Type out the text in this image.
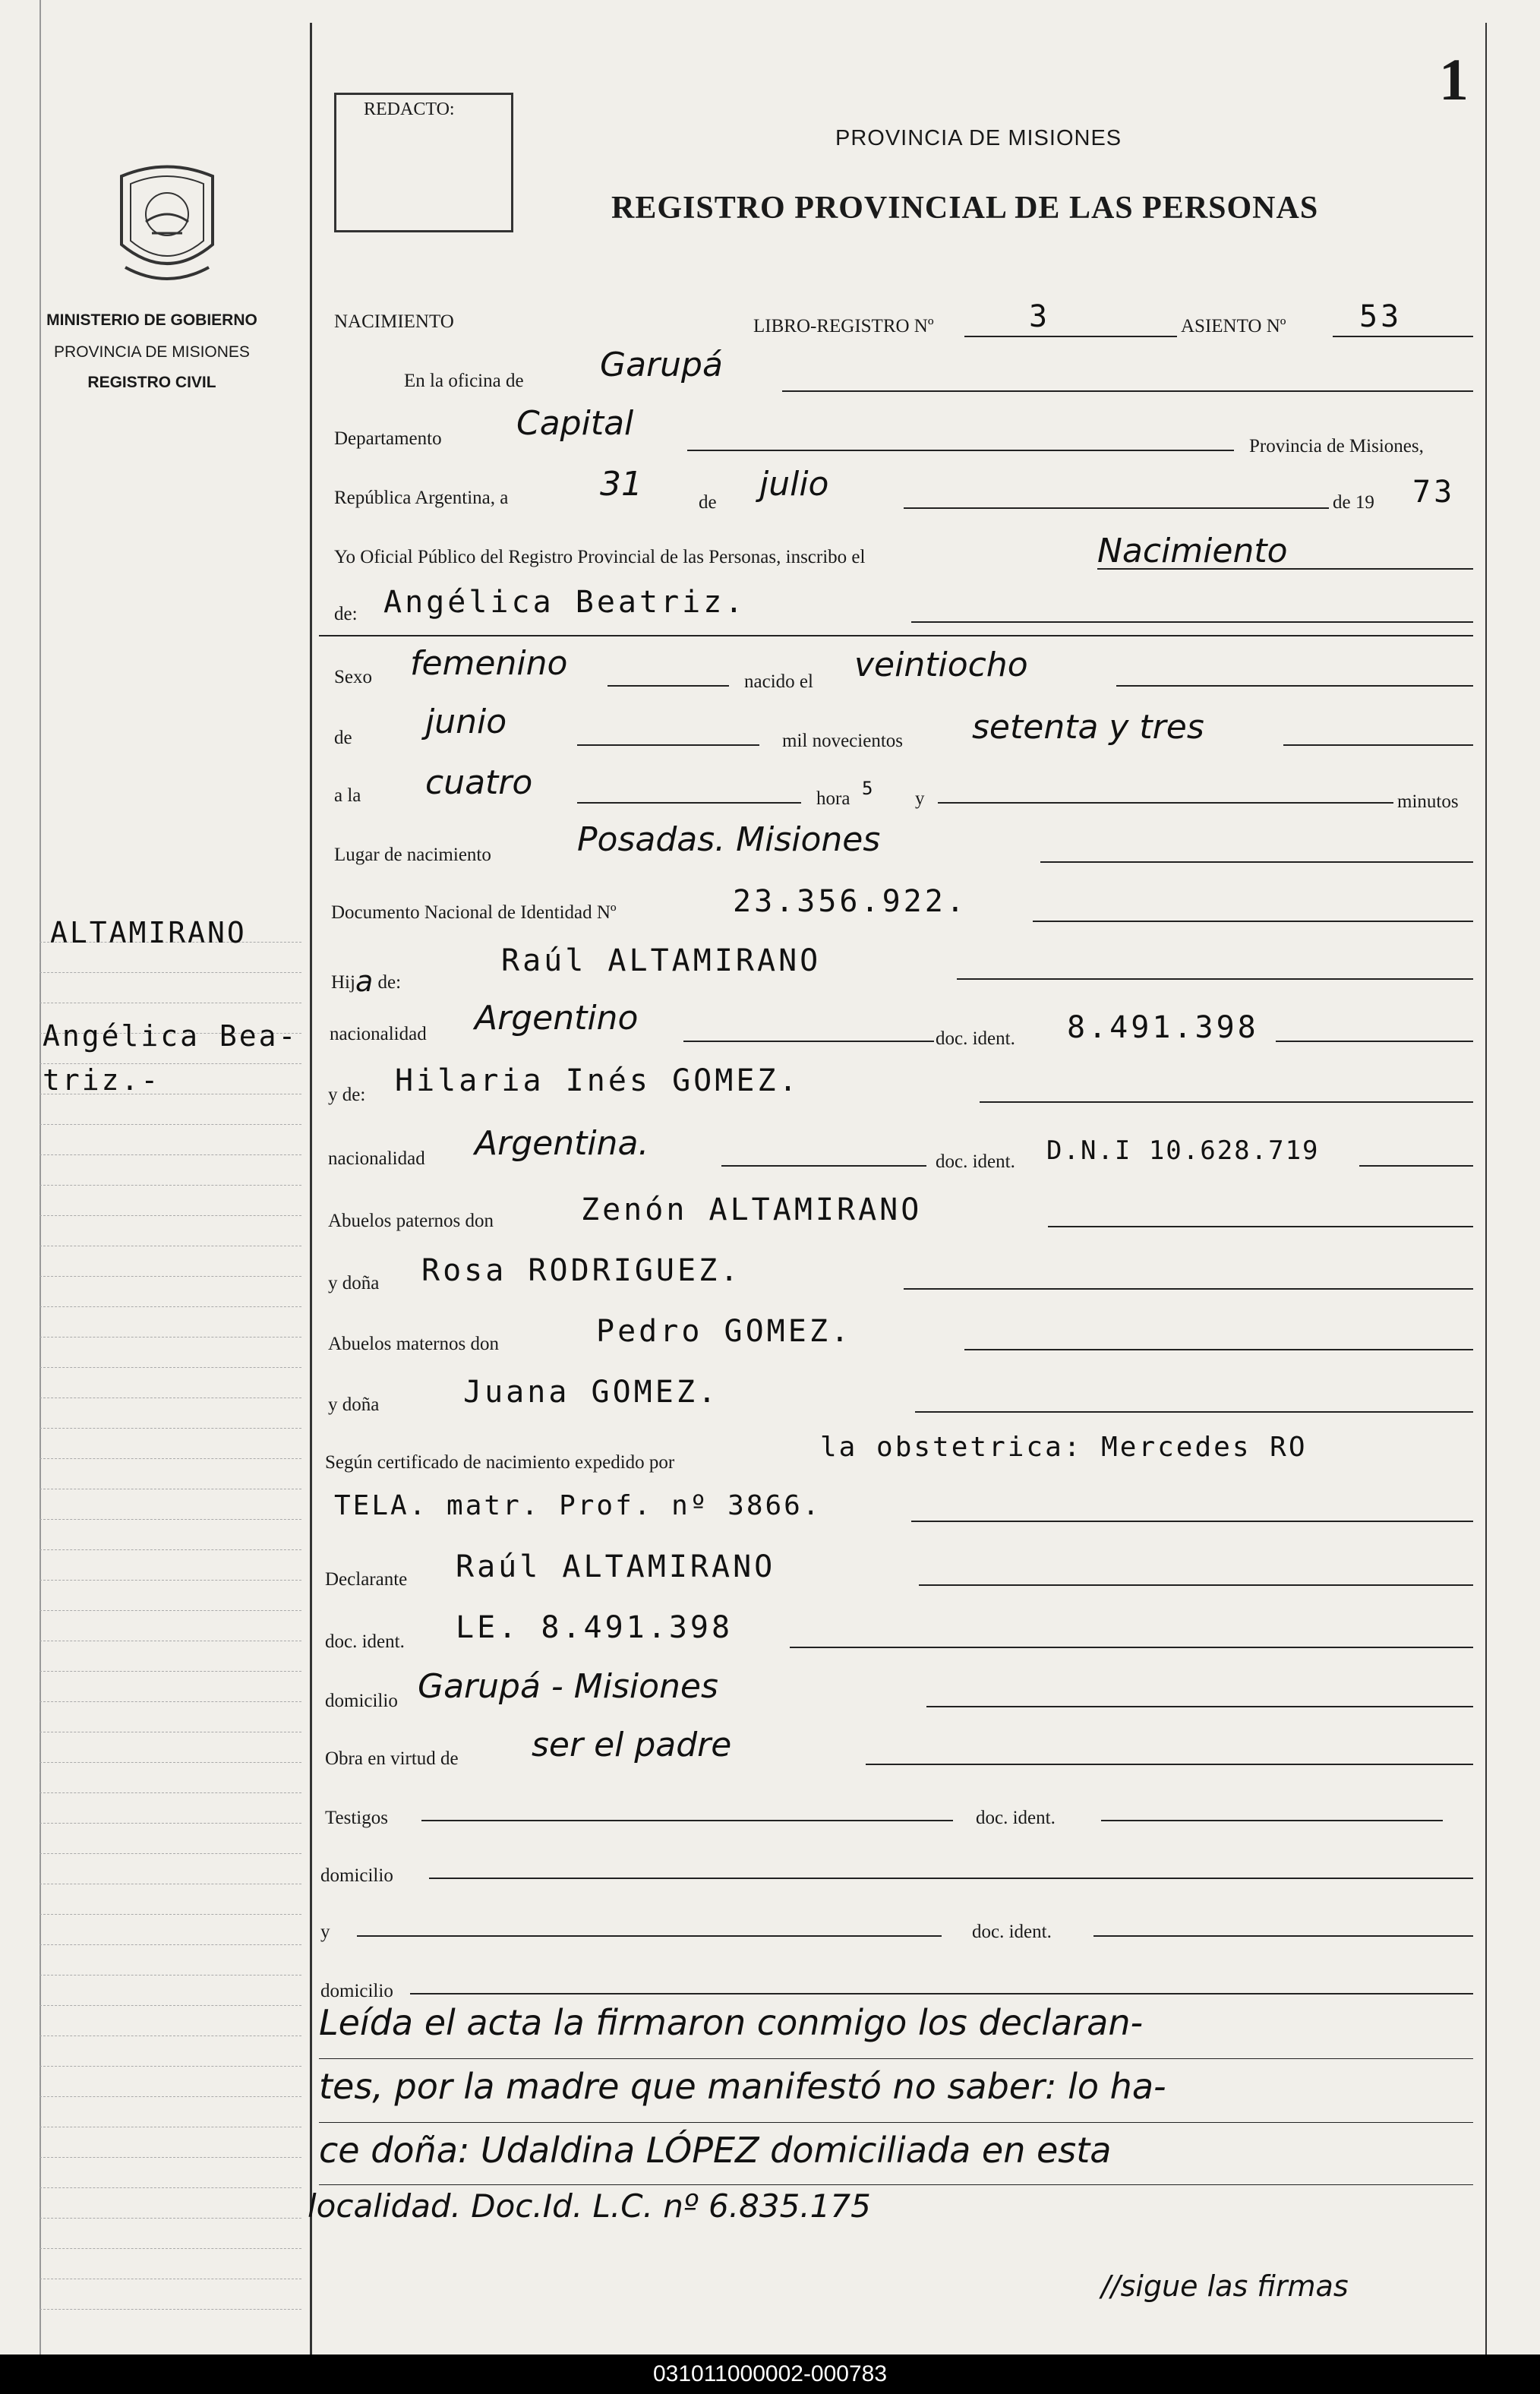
MINISTERIO DE GOBIERNO
PROVINCIA DE MISIONES
REGISTRO CIVIL
ALTAMIRANO
Angélica Bea-
triz.-
REDACTO:	1
PROVINCIA DE MISIONES
REGISTRO PROVINCIAL DE LAS PERSONAS
NACIMIENTO	LIBRO-REGISTRO Nº	3	ASIENTO Nº 53
En la oficina de Garupá
Departamento Capital
Provincia de Misiones,
República Argentina, a	31	de julio	de 19 73
Yo Oficial Público del Registro Provincial de las Personas, inscribo el	Nacimiento
de: Angélica Beatriz.
Sexo femenino	nacido el veintiocho
de junio	mil novecientos setenta y tres
a la cuatro	hora 5 y	minutos
Lugar de nacimiento	Posadas. Misiones
Documento Nacional de Identidad Nº	23.356.922.
Hija de:
Raúl ALTAMIRANO
nacionalidad Argentino
doc. ident. 8.491.398
y de: Hilaria Inés GOMEZ.
nacionalidad Argentina.	doc. ident. D.N.I 10.628.719
Abuelos paternos don	Zenón ALTAMIRANO
y doña Rosa RODRIGUEZ.
Abuelos maternos don	Pedro GOMEZ.
y doña	Juana GOMEZ.
Según certificado de nacimiento expedido por	la obstetrica: Mercedes RO
TELA. matr. Prof. nº 3866.
Declarante Raúl ALTAMIRANO
doc. ident. LE. 8.491.398
domicilio Garupá - Misiones
Obra en virtud de ser el padre
Testigos	doc. ident.
domicilio
y	doc. ident.
domicilio
Leída el acta la firmaron conmigo los declaran-
tes, por la madre que manifestó no saber: lo ha-
ce doña: Udaldina LÓPEZ domiciliada en esta
localidad. Doc.Id. L.C. nº 6.835.175
//sigue las firmas
031011000002-000783
